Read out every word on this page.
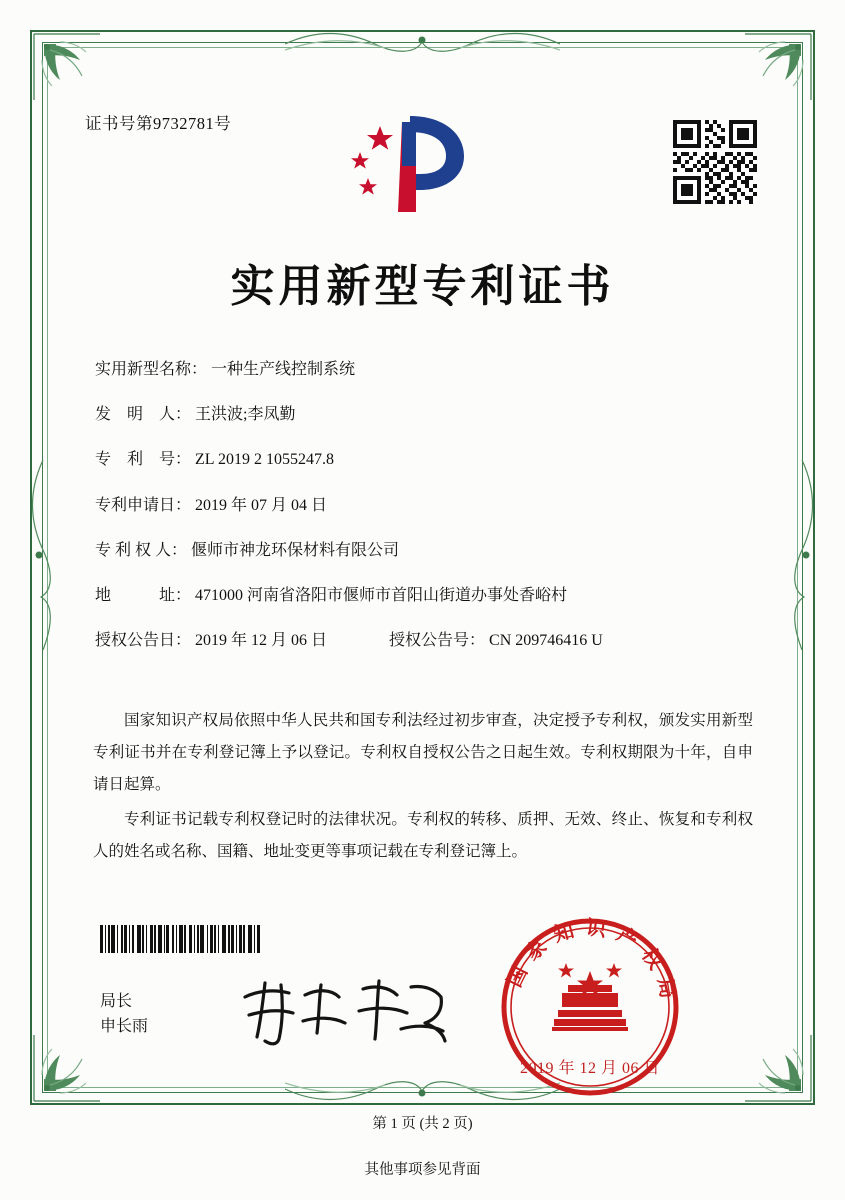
证书号第9732781号
实用新型专利证书
实用新型名称： 一种生产线控制系统
发　明　人： 王洪波;李凤勤
专　利　号： ZL 2019 2 1055247.8
专利申请日： 2019 年 07 月 04 日
专 利 权 人： 偃师市神龙环保材料有限公司
地　　　址： 471000 河南省洛阳市偃师市首阳山街道办事处香峪村
授权公告日： 2019 年 12 月 06 日	授权公告号： CN 209746416 U

国家知识产权局依照中华人民共和国专利法经过初步审查，决定授予专利权，颁发实用新型专利证书并在专利登记簿上予以登记。专利权自授权公告之日起生效。专利权期限为十年，自申请日起算。

专利证书记载专利权登记时的法律状况。专利权的转移、质押、无效、终止、恢复和专利权人的姓名或名称、国籍、地址变更等事项记载在专利登记簿上。

局长
申长雨
国家知识产权局
2019 年 12 月 06 日
第 1 页 (共 2 页)
其他事项参见背面
